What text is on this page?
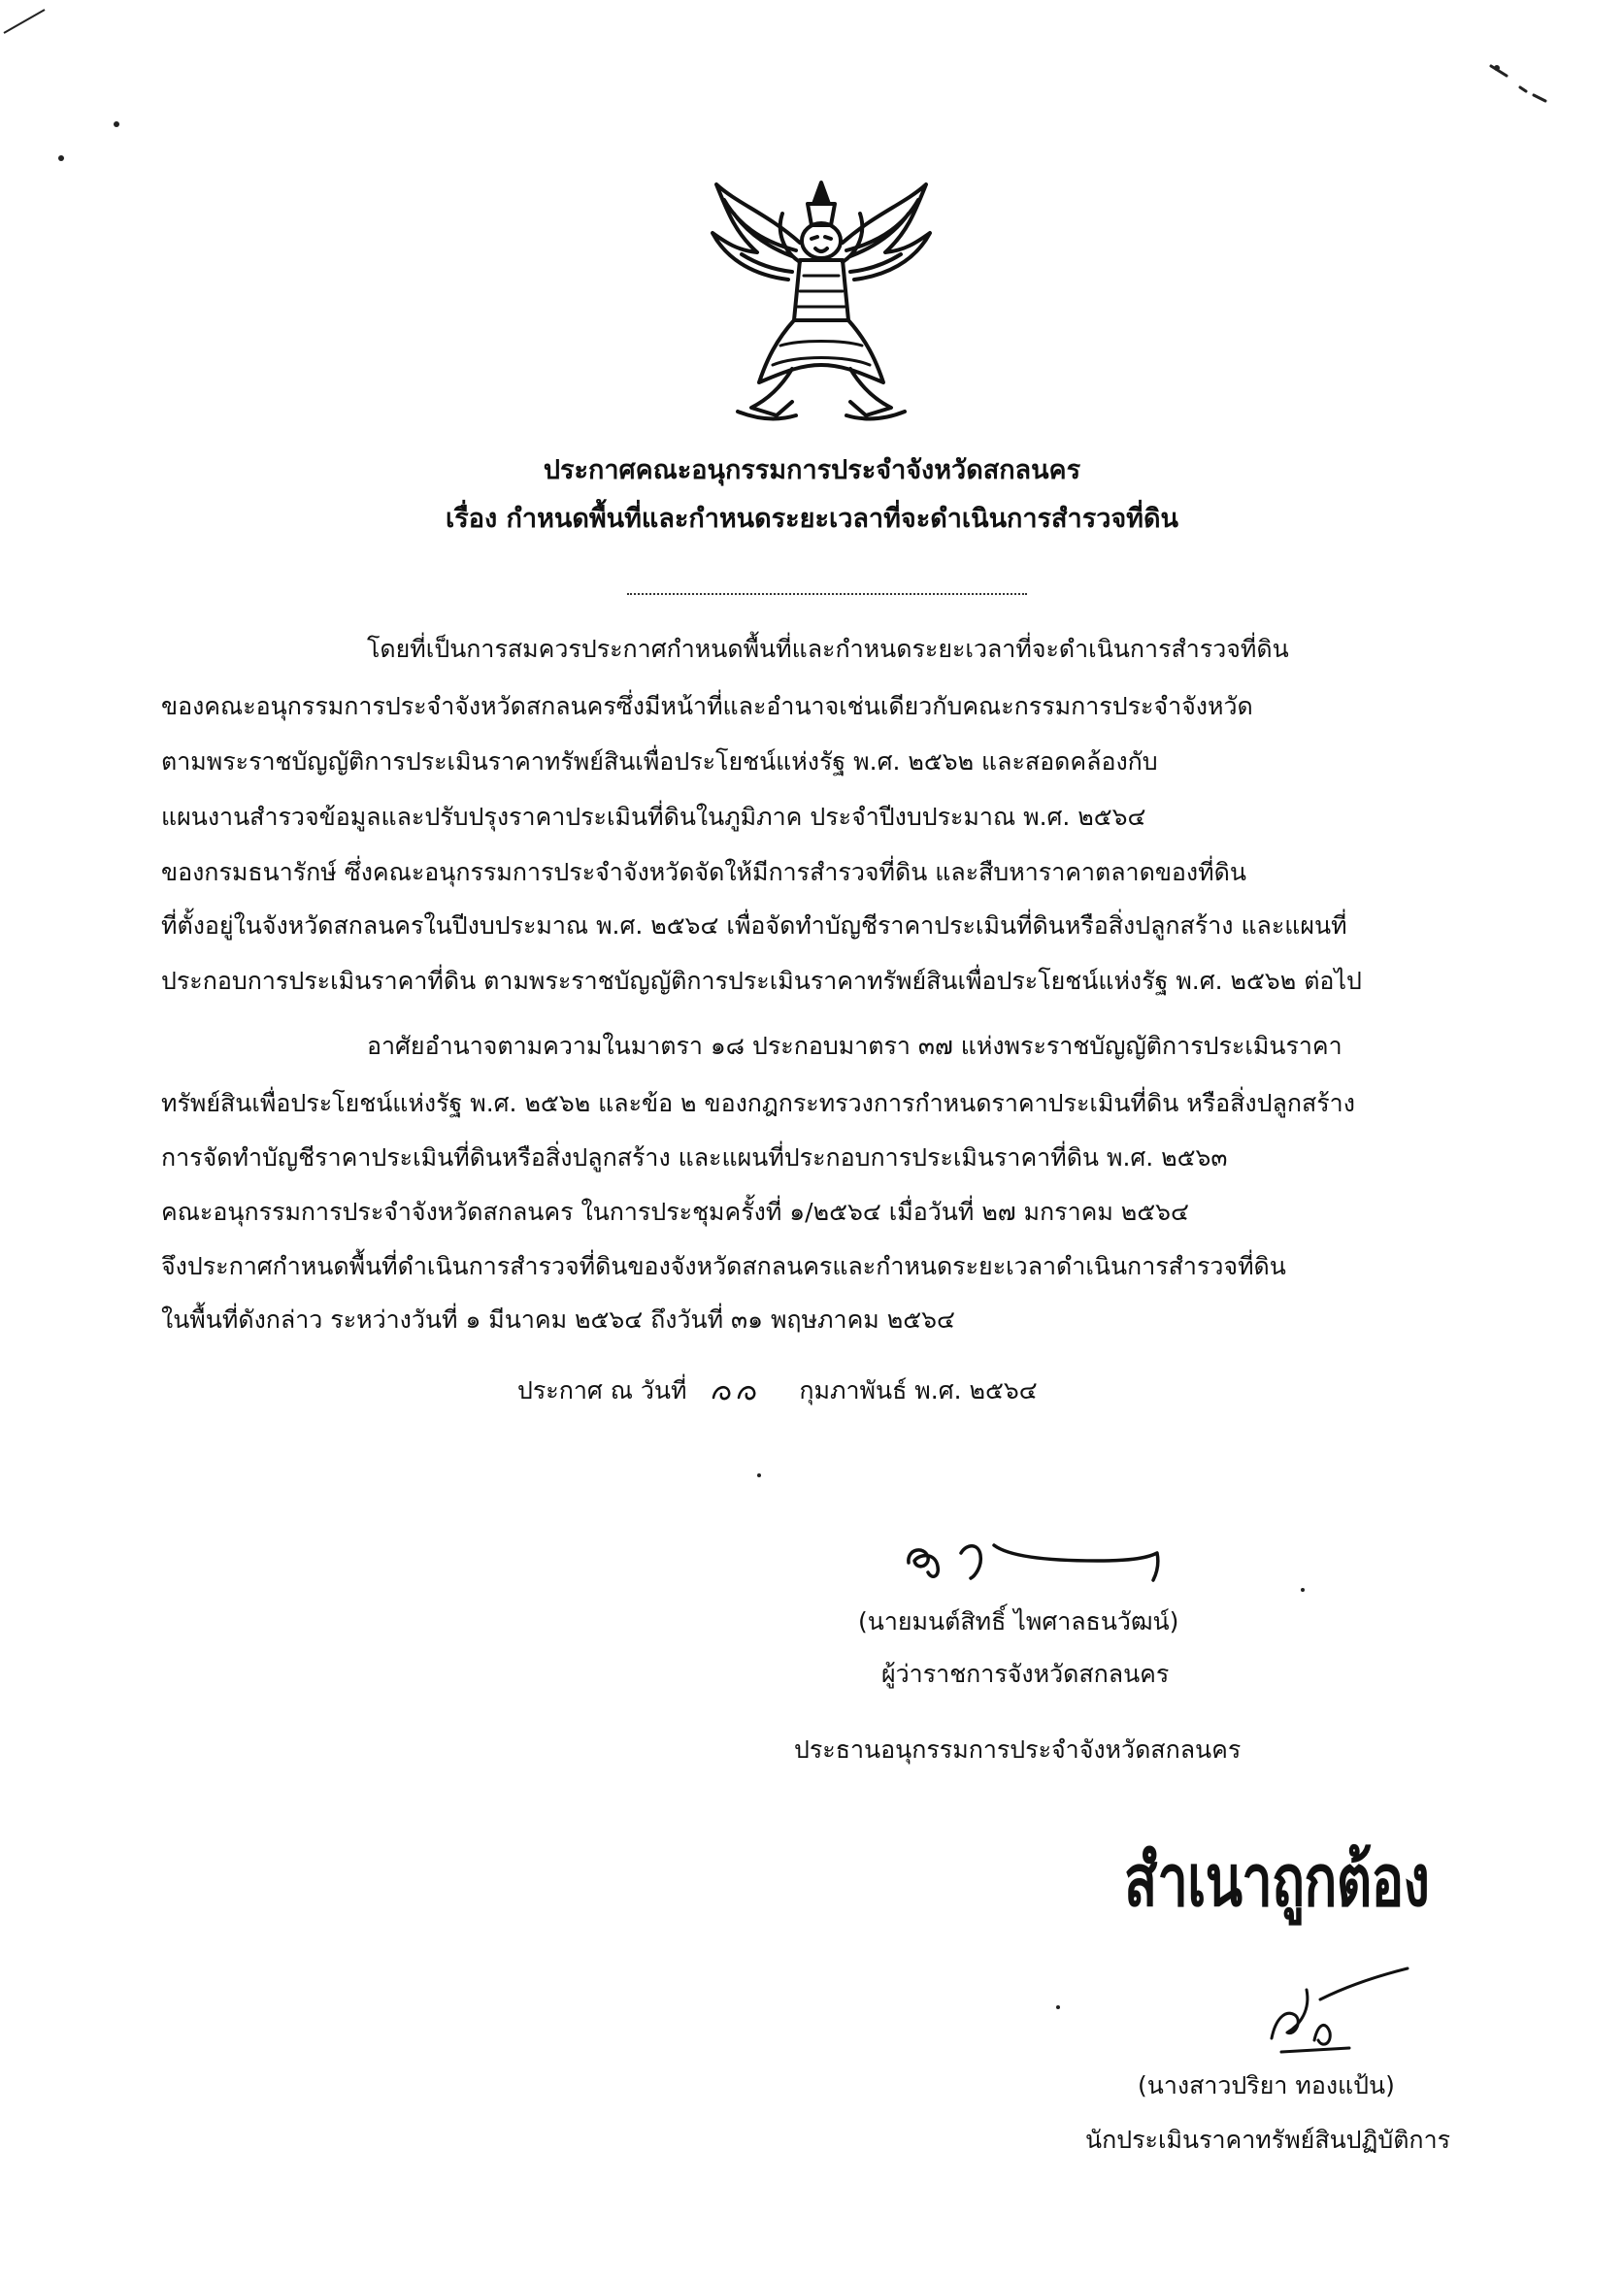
ประกาศคณะอนุกรรมการประจำจังหวัดสกลนคร
เรื่อง กำหนดพื้นที่และกำหนดระยะเวลาที่จะดำเนินการสำรวจที่ดิน
โดยที่เป็นการสมควรประกาศกำหนดพื้นที่และกำหนดระยะเวลาที่จะดำเนินการสำรวจที่ดิน
ของคณะอนุกรรมการประจำจังหวัดสกลนครซึ่งมีหน้าที่และอำนาจเช่นเดียวกับคณะกรรมการประจำจังหวัด
ตามพระราชบัญญัติการประเมินราคาทรัพย์สินเพื่อประโยชน์แห่งรัฐ พ.ศ. ๒๕๖๒ และสอดคล้องกับ
แผนงานสำรวจข้อมูลและปรับปรุงราคาประเมินที่ดินในภูมิภาค ประจำปีงบประมาณ พ.ศ. ๒๕๖๔
ของกรมธนารักษ์ ซึ่งคณะอนุกรรมการประจำจังหวัดจัดให้มีการสำรวจที่ดิน และสืบหาราคาตลาดของที่ดิน
ที่ตั้งอยู่ในจังหวัดสกลนครในปีงบประมาณ พ.ศ. ๒๕๖๔ เพื่อจัดทำบัญชีราคาประเมินที่ดินหรือสิ่งปลูกสร้าง และแผนที่
ประกอบการประเมินราคาที่ดิน ตามพระราชบัญญัติการประเมินราคาทรัพย์สินเพื่อประโยชน์แห่งรัฐ พ.ศ. ๒๕๖๒ ต่อไป
อาศัยอำนาจตามความในมาตรา ๑๘ ประกอบมาตรา ๓๗ แห่งพระราชบัญญัติการประเมินราคา
ทรัพย์สินเพื่อประโยชน์แห่งรัฐ พ.ศ. ๒๕๖๒ และข้อ ๒ ของกฎกระทรวงการกำหนดราคาประเมินที่ดิน หรือสิ่งปลูกสร้าง
การจัดทำบัญชีราคาประเมินที่ดินหรือสิ่งปลูกสร้าง และแผนที่ประกอบการประเมินราคาที่ดิน พ.ศ. ๒๕๖๓
คณะอนุกรรมการประจำจังหวัดสกลนคร ในการประชุมครั้งที่ ๑/๒๕๖๔ เมื่อวันที่ ๒๗ มกราคม ๒๕๖๔
จึงประกาศกำหนดพื้นที่ดำเนินการสำรวจที่ดินของจังหวัดสกลนครและกำหนดระยะเวลาดำเนินการสำรวจที่ดิน
ในพื้นที่ดังกล่าว ระหว่างวันที่ ๑ มีนาคม ๒๕๖๔ ถึงวันที่ ๓๑ พฤษภาคม ๒๕๖๔
ประกาศ ณ วันที่	กุมภาพันธ์ พ.ศ. ๒๕๖๔
(นายมนต์สิทธิ์ ไพศาลธนวัฒน์)
ผู้ว่าราชการจังหวัดสกลนคร
ประธานอนุกรรมการประจำจังหวัดสกลนคร
สำเนาถูกต้อง
(นางสาวปริยา ทองแป้น)
นักประเมินราคาทรัพย์สินปฏิบัติการ
